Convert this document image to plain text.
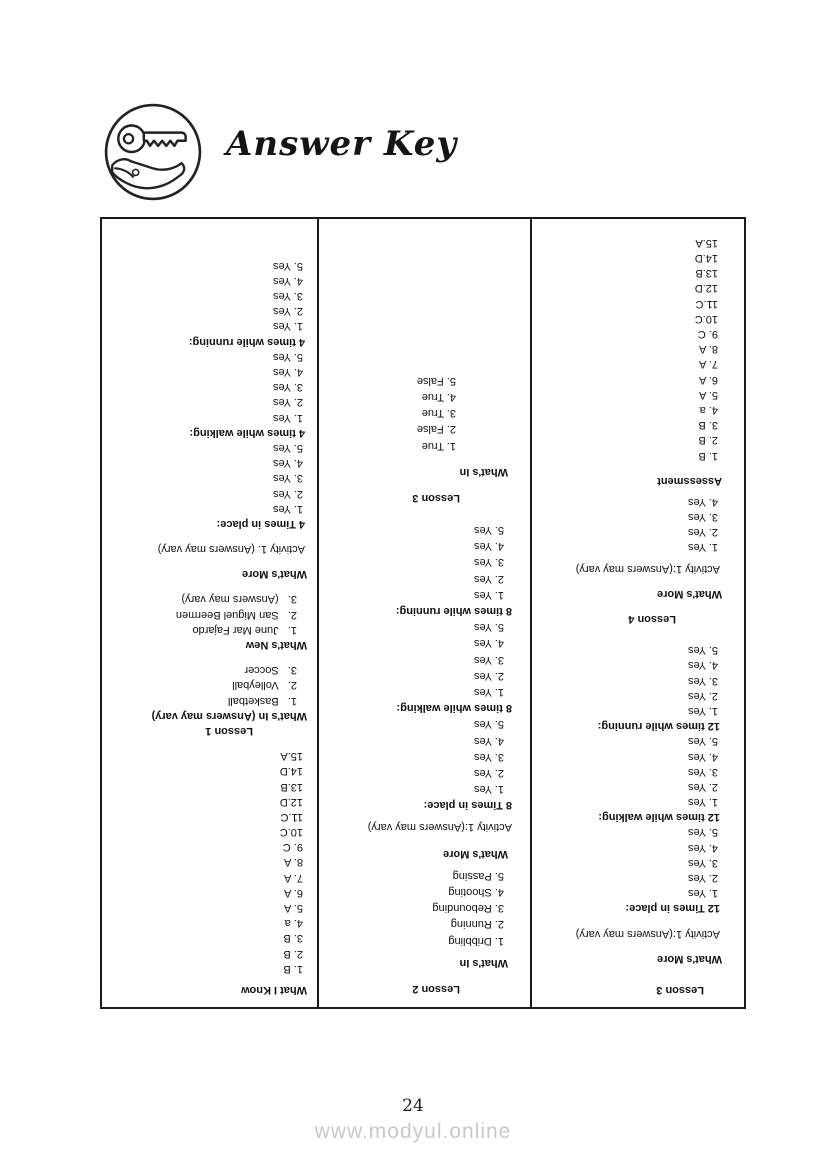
Answer Key
What I Know
1. B
2. B
3. B
4. a
5. A
6. A
7. A
8. A
9. C
10.C
11.C
12.D
13.B
14.D
15.A
Lesson 1
What's In (Answers may vary)
1.   Basketball
2.   Volleyball
3.   Soccer
What's New
1.   June Mar Fajardo
2.   San Miguel Beermen
3.   (Answers may vary)
What's More
Activity 1. (Answers may vary)
4 Times in place:
1. Yes
2. Yes
3. Yes
4. Yes
5. Yes
4 times while walking:
1. Yes
2. Yes
3. Yes
4. Yes
5. Yes
4 times while running:
1. Yes
2. Yes
3. Yes
4. Yes
5. Yes
Lesson 2
What's In
1. Dribbling
2. Running
3. Rebounding
4. Shooting
5. Passing
What's More
Activity 1:(Answers may vary)
8 Times in place:
1. Yes
2. Yes
3. Yes
4. Yes
5. Yes
8 times while walking:
1. Yes
2. Yes
3. Yes
4. Yes
5. Yes
8 times while running:
1. Yes
2. Yes
3. Yes
4. Yes
5. Yes
Lesson 3
What's In
1. True
2. False
3. True
4. True
5. False
Lesson 3
What's More
Activity 1:(Answers may vary)
12 Times in place:
1. Yes
2. Yes
3. Yes
4. Yes
5. Yes
12 times while walking:
1. Yes
2. Yes
3. Yes
4. Yes
5. Yes
12 times while running:
1. Yes
2. Yes
3. Yes
4. Yes
5. Yes
Lesson 4
What's More
Activity 1:(Answers may vary)
1. Yes
2. Yes
3. Yes
4. Yes
Assessment
1. B
2. B
3. B
4. a
5. A
6. A
7. A
8. A
9. C
10.C
11.C
12.D
13.B
14.D
15.A
24
www.modyul.online
